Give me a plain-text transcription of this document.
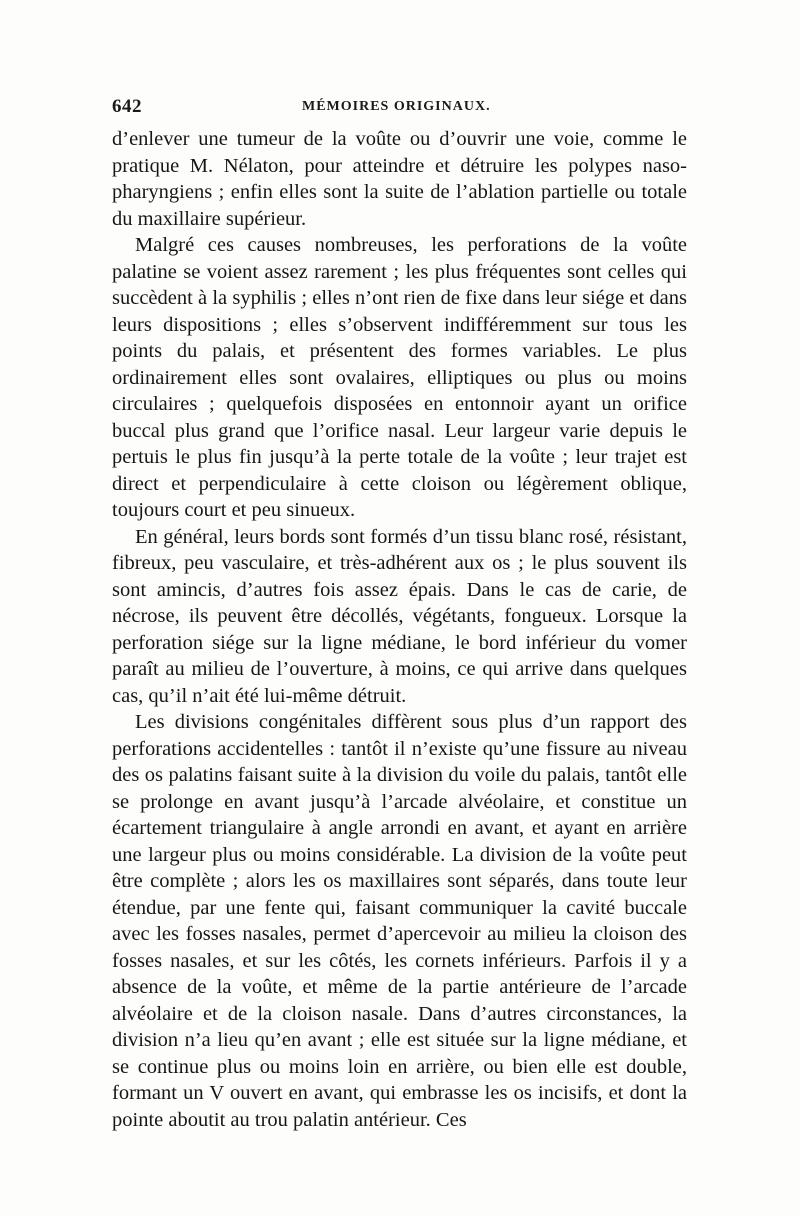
642	MÉMOIRES ORIGINAUX.

d’enlever une tumeur de la voûte ou d’ouvrir une voie, comme le pratique M. Nélaton, pour atteindre et détruire les polypes naso-pharyngiens ; enfin elles sont la suite de l’ablation partielle ou totale du maxillaire supérieur.

Malgré ces causes nombreuses, les perforations de la voûte palatine se voient assez rarement ; les plus fréquentes sont celles qui succèdent à la syphilis ; elles n’ont rien de fixe dans leur siége et dans leurs dispositions ; elles s’observent indifféremment sur tous les points du palais, et présentent des formes variables. Le plus ordinairement elles sont ovalaires, elliptiques ou plus ou moins circulaires ; quelquefois disposées en entonnoir ayant un orifice buccal plus grand que l’orifice nasal. Leur largeur varie depuis le pertuis le plus fin jusqu’à la perte totale de la voûte ; leur trajet est direct et perpendiculaire à cette cloison ou légèrement oblique, toujours court et peu sinueux.

En général, leurs bords sont formés d’un tissu blanc rosé, résistant, fibreux, peu vasculaire, et très-adhérent aux os ; le plus souvent ils sont amincis, d’autres fois assez épais. Dans le cas de carie, de nécrose, ils peuvent être décollés, végétants, fongueux. Lorsque la perforation siége sur la ligne médiane, le bord inférieur du vomer paraît au milieu de l’ouverture, à moins, ce qui arrive dans quelques cas, qu’il n’ait été lui-même détruit.

Les divisions congénitales diffèrent sous plus d’un rapport des perforations accidentelles : tantôt il n’existe qu’une fissure au niveau des os palatins faisant suite à la division du voile du palais, tantôt elle se prolonge en avant jusqu’à l’arcade alvéolaire, et constitue un écartement triangulaire à angle arrondi en avant, et ayant en arrière une largeur plus ou moins considérable. La division de la voûte peut être complète ; alors les os maxillaires sont séparés, dans toute leur étendue, par une fente qui, faisant communiquer la cavité buccale avec les fosses nasales, permet d’apercevoir au milieu la cloison des fosses nasales, et sur les côtés, les cornets inférieurs. Parfois il y a absence de la voûte, et même de la partie antérieure de l’arcade alvéolaire et de la cloison nasale. Dans d’autres circonstances, la division n’a lieu qu’en avant ; elle est située sur la ligne médiane, et se continue plus ou moins loin en arrière, ou bien elle est double, formant un V ouvert en avant, qui embrasse les os incisifs, et dont la pointe aboutit au trou palatin antérieur. Ces
